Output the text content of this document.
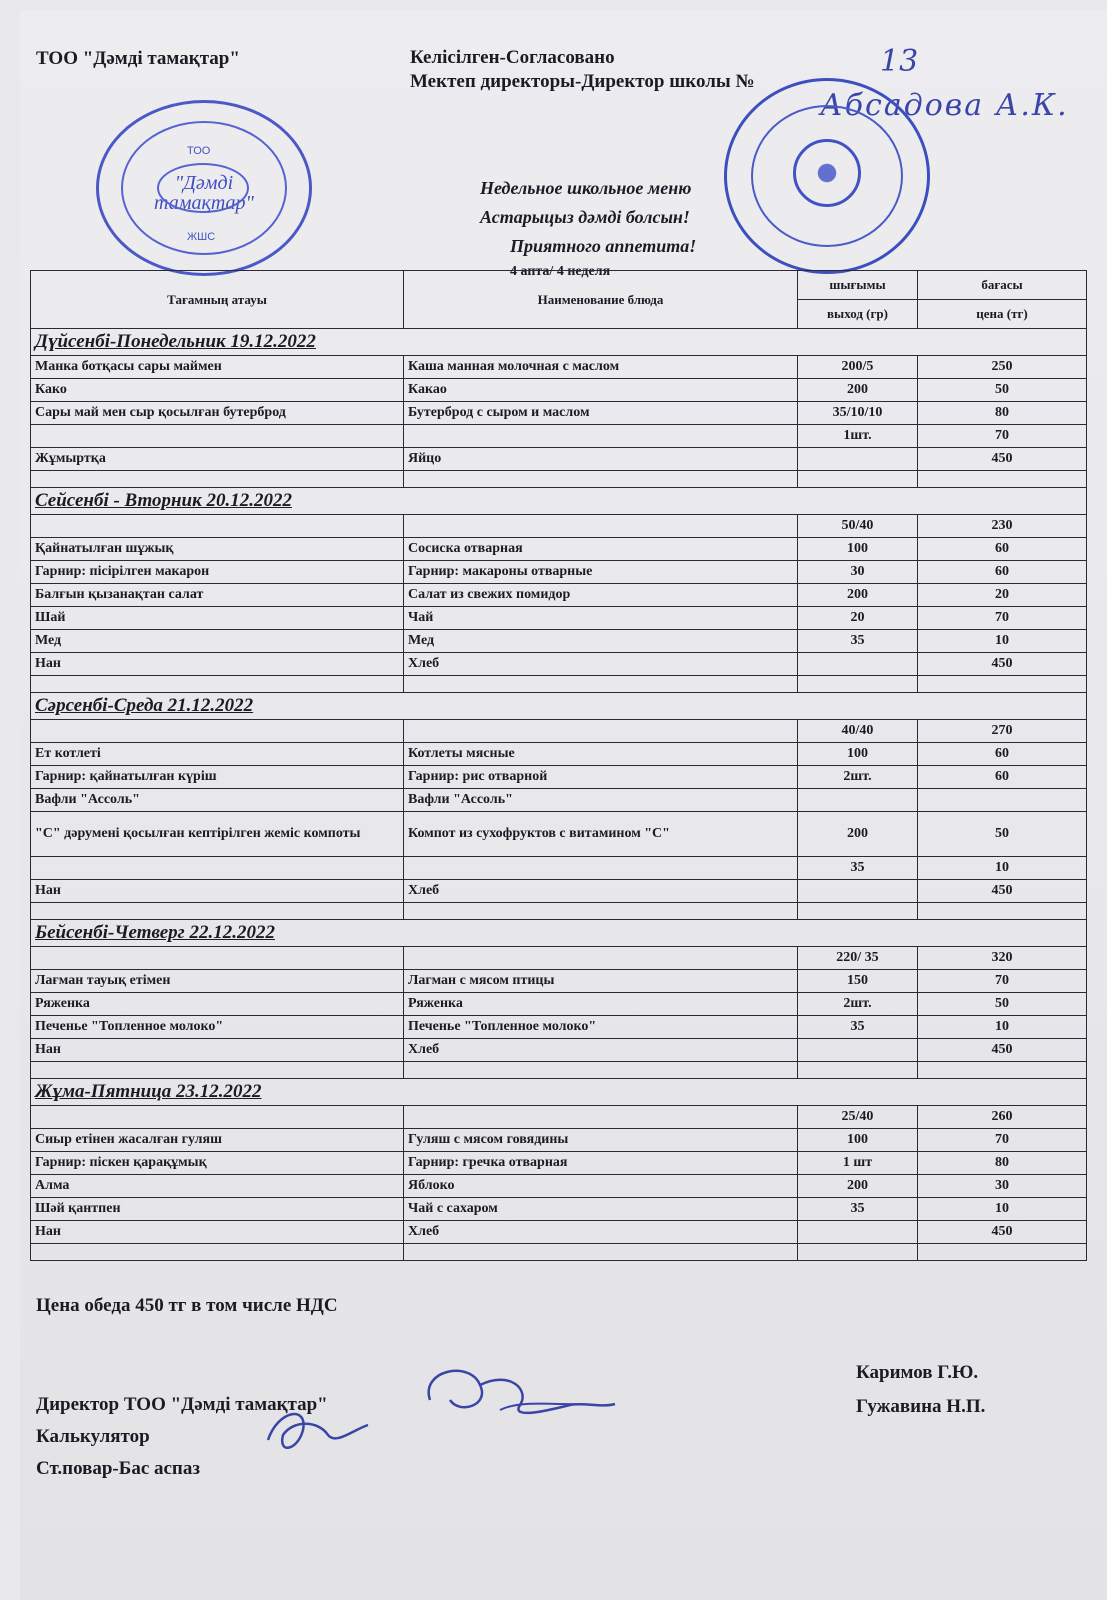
ТОО "Дәмді тамақтар"	Келісілген-Согласовано
Мектеп директоры-Директор школы №
13
Абсадова А.К.
ТОО
"Дәмді тамақтар"
ЖШС
Недельное школьное меню
Астарыцыз дәмді болсын!
Приятного аппетита!
4 апта/ 4 неделя
Тағамның атауы	Наименование блюда	шығымы	бағасы
		выход (гр)	цена (тг)
Дүйсенбі-Понедельник 19.12.2022			
Манка ботқасы сары маймен	Каша манная молочная с маслом	200/5	250
Како	Какао	200	50
Сары май мен сыр қосылған бутерброд	Бутерброд с сыром и маслом	35/10/10	80
		1шт.	70
Жұмыртқа	Яйцо		450

Сейсенбі - Вторник 20.12.2022			
		50/40	230
Қайнатылған шұжық	Сосиска отварная	100	60
Гарнир: пісірілген макарон	Гарнир: макароны отварные	30	60
Балғын қызанақтан салат	Салат из свежих помидор	200	20
Шай	Чай	20	70
Мед	Мед	35	10
Нан	Хлеб		450

Сәрсенбі-Среда 21.12.2022			
		40/40	270
Ет котлеті	Котлеты мясные	100	60
Гарнир: қайнатылған күріш	Гарнир: рис отварной	2шт.	60
Вафли "Ассоль"	Вафли "Ассоль"		
"С" дәрумені қосылған кептірілген жеміс компоты	Компот из сухофруктов с витамином "С"	200	50
		35	10
Нан	Хлеб		450

Бейсенбі-Четверг 22.12.2022			
		220/ 35	320
Лағман тауық етімен	Лагман с мясом птицы	150	70
Ряженка	Ряженка	2шт.	50
Печенье "Топленное молоко"	Печенье "Топленное молоко"	35	10
Нан	Хлеб		450

Жұма-Пятница 23.12.2022			
		25/40	260
Сиыр етінен жасалған гуляш	Гуляш с мясом говядины	100	70
Гарнир: піскен қарақұмық	Гарнир: гречка отварная	1 шт	80
Алма	Яблоко	200	30
Шәй қантпен	Чай с сахаром	35	10
Нан	Хлеб		450

Цена обеда 450 тг в том числе НДС
Директор ТОО "Дәмді тамақтар"
Калькулятор
Ст.повар-Бас аспаз
Каримов Г.Ю.
Гужавина Н.П.
